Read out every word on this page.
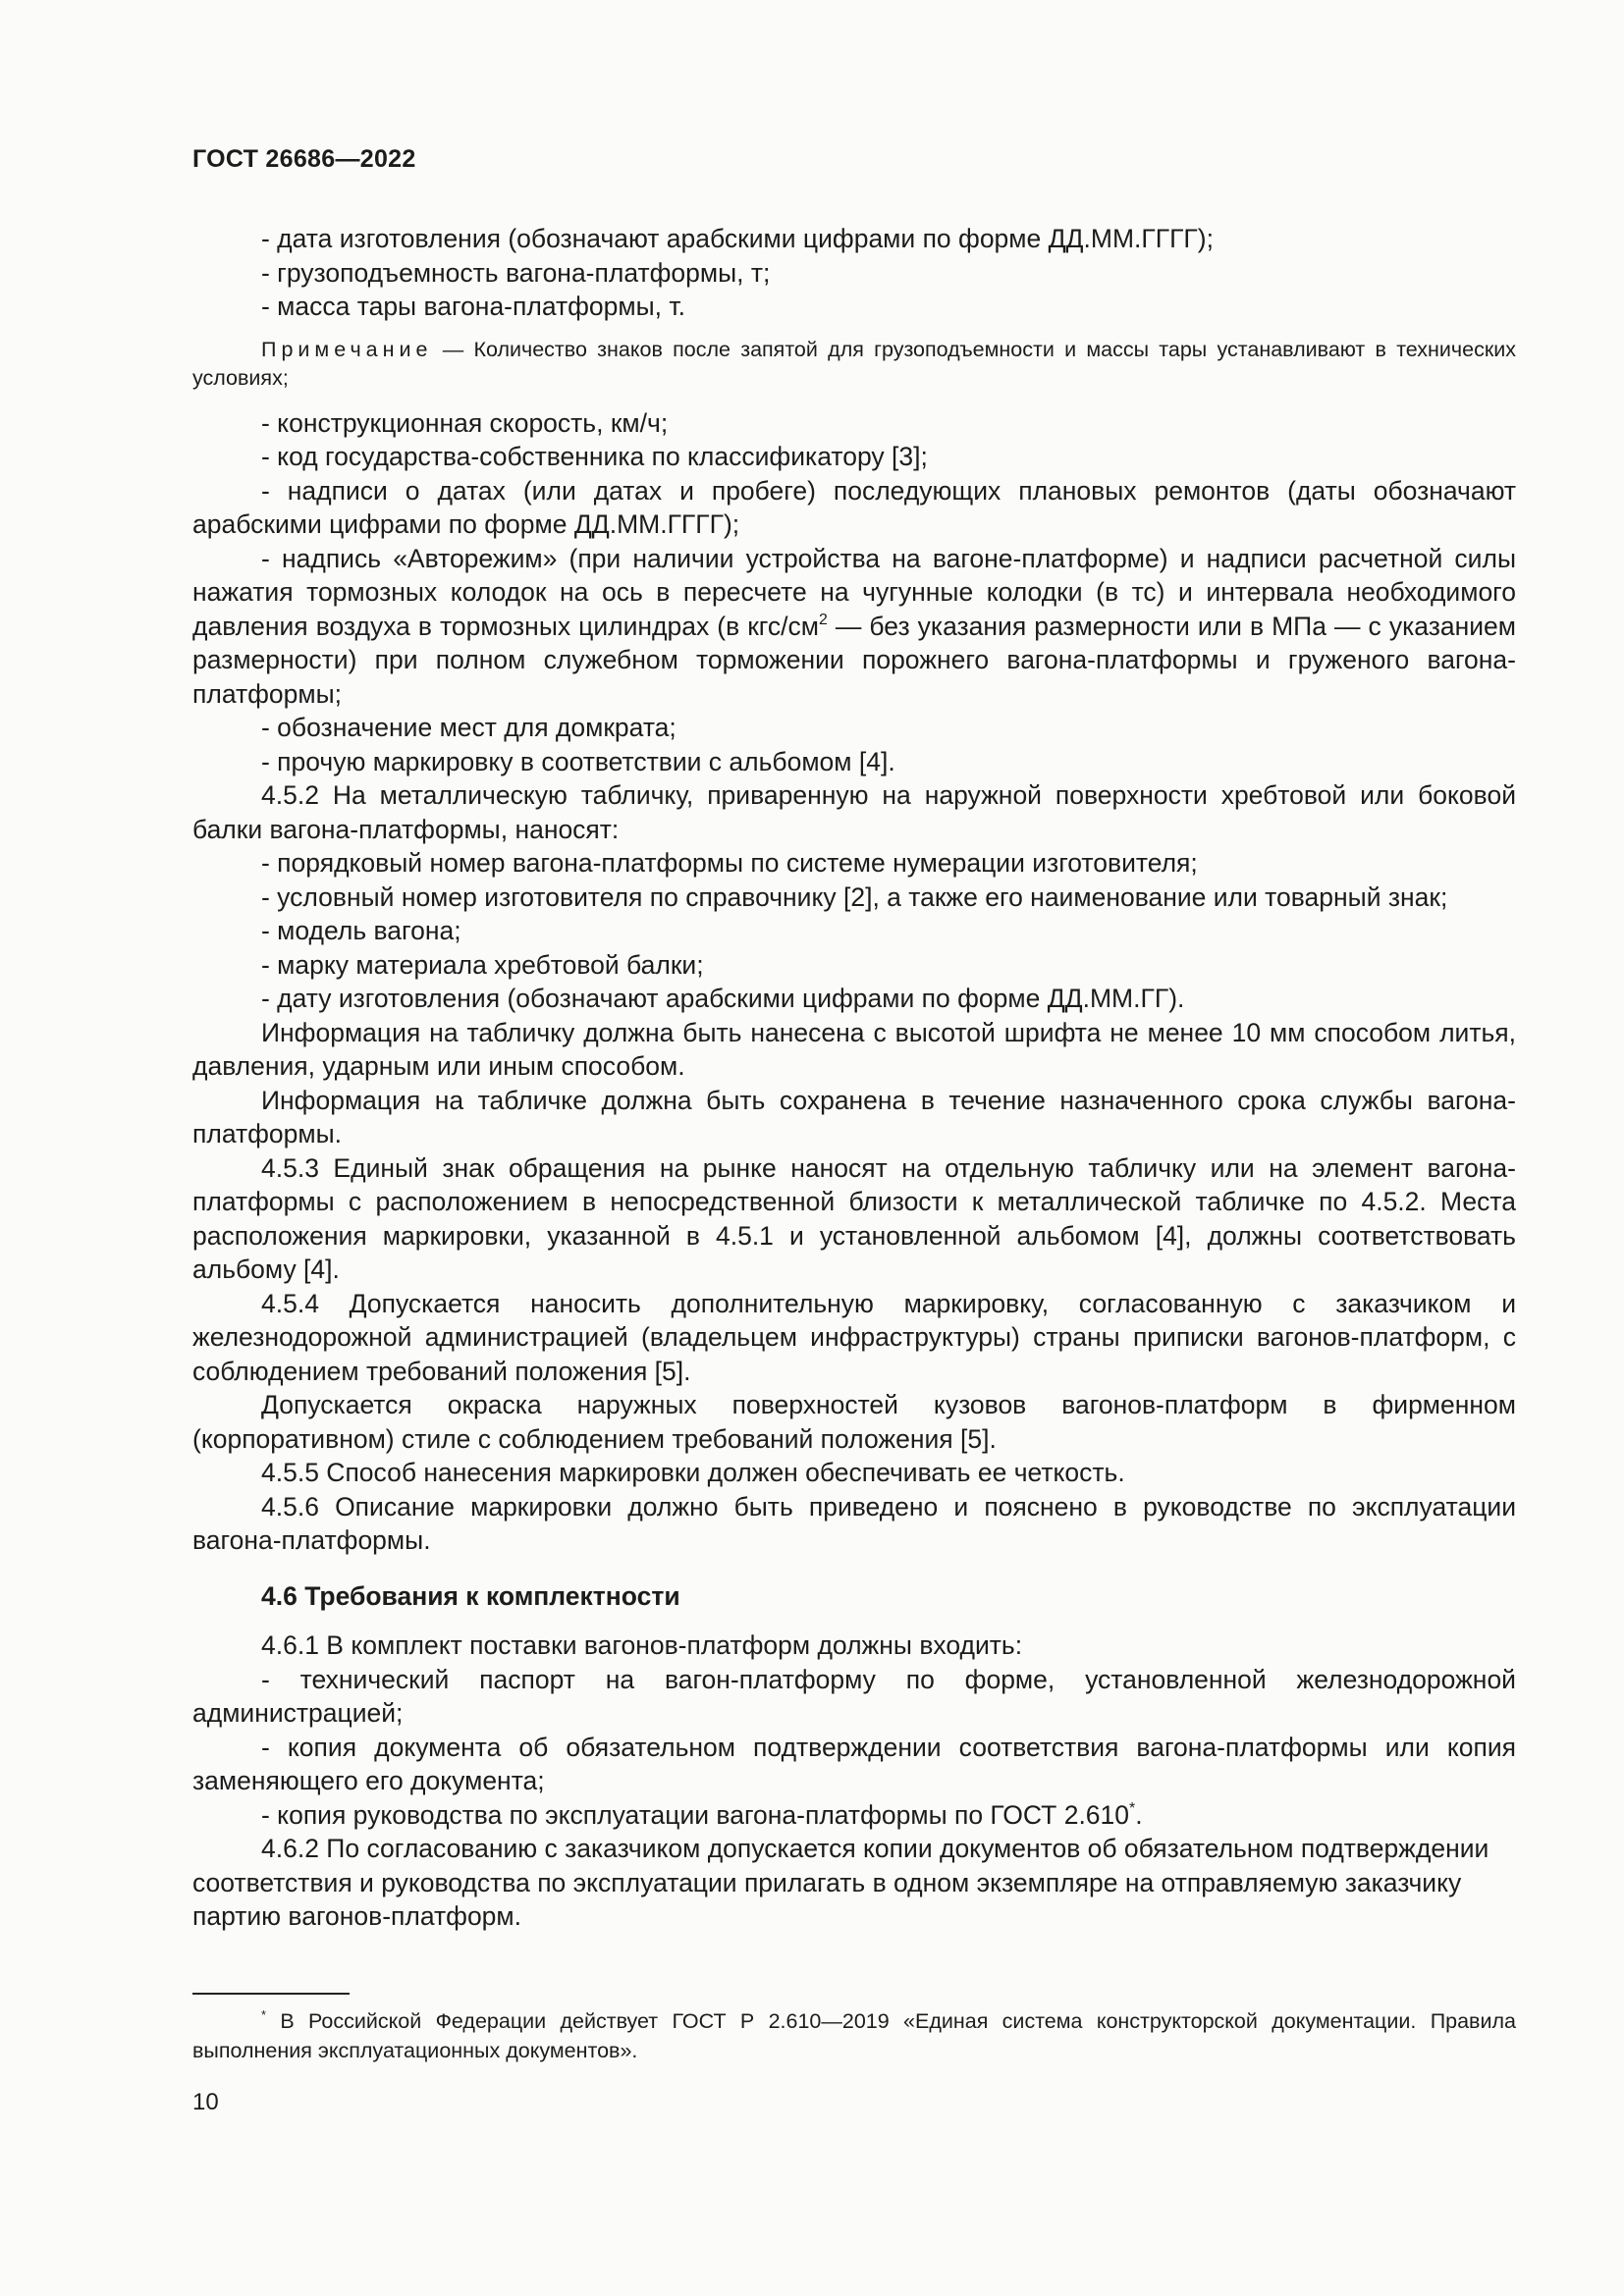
ГОСТ 26686—2022

- дата изготовления (обозначают арабскими цифрами по форме ДД.ММ.ГГГГ);

- грузоподъемность вагона-платформы, т;

- масса тары вагона-платформы, т.

Примечание — Количество знаков после запятой для грузоподъемности и массы тары устанавливают в технических условиях;

- конструкционная скорость, км/ч;

- код государства-собственника по классификатору [3];

- надписи о датах (или датах и пробеге) последующих плановых ремонтов (даты обозначают арабскими цифрами по форме ДД.ММ.ГГГГ);

- надпись «Авторежим» (при наличии устройства на вагоне-платформе) и надписи расчетной силы нажатия тормозных колодок на ось в пересчете на чугунные колодки (в тс) и интервала необходимого давления воздуха в тормозных цилиндрах (в кгс/$см^2$ — без указания размерности или в МПа — с указанием размерности) при полном служебном торможении порожнего вагона-платформы и груженого вагона-платформы;

- обозначение мест для домкрата;

- прочую маркировку в соответствии с альбомом [4].

4.5.2 На металлическую табличку, приваренную на наружной поверхности хребтовой или боковой балки вагона-платформы, наносят:

- порядковый номер вагона-платформы по системе нумерации изготовителя;

- условный номер изготовителя по справочнику [2], а также его наименование или товарный знак;

- модель вагона;

- марку материала хребтовой балки;

- дату изготовления (обозначают арабскими цифрами по форме ДД.ММ.ГГ).

Информация на табличку должна быть нанесена с высотой шрифта не менее 10 мм способом литья, давления, ударным или иным способом.

Информация на табличке должна быть сохранена в течение назначенного срока службы вагона-платформы.

4.5.3 Единый знак обращения на рынке наносят на отдельную табличку или на элемент вагона-платформы с расположением в непосредственной близости к металлической табличке по 4.5.2. Места расположения маркировки, указанной в 4.5.1 и установленной альбомом [4], должны соответствовать альбому [4].

4.5.4 Допускается наносить дополнительную маркировку, согласованную с заказчиком и железнодорожной администрацией (владельцем инфраструктуры) страны приписки вагонов-платформ, с соблюдением требований положения [5].

Допускается окраска наружных поверхностей кузовов вагонов-платформ в фирменном (корпоративном) стиле с соблюдением требований положения [5].

4.5.5 Способ нанесения маркировки должен обеспечивать ее четкость.

4.5.6 Описание маркировки должно быть приведено и пояснено в руководстве по эксплуатации вагона-платформы.

4.6 Требования к комплектности

4.6.1 В комплект поставки вагонов-платформ должны входить:

- технический паспорт на вагон-платформу по форме, установленной железнодорожной администрацией;

- копия документа об обязательном подтверждении соответствия вагона-платформы или копия заменяющего его документа;

- копия руководства по эксплуатации вагона-платформы по ГОСТ 2.610*.

4.6.2 По согласованию с заказчиком допускается копии документов об обязательном подтверждении соответствия и руководства по эксплуатации прилагать в одном экземпляре на отправляемую заказчику партию вагонов-платформ.

* В Российской Федерации действует ГОСТ Р 2.610—2019 «Единая система конструкторской документации. Правила выполнения эксплуатационных документов».
10
